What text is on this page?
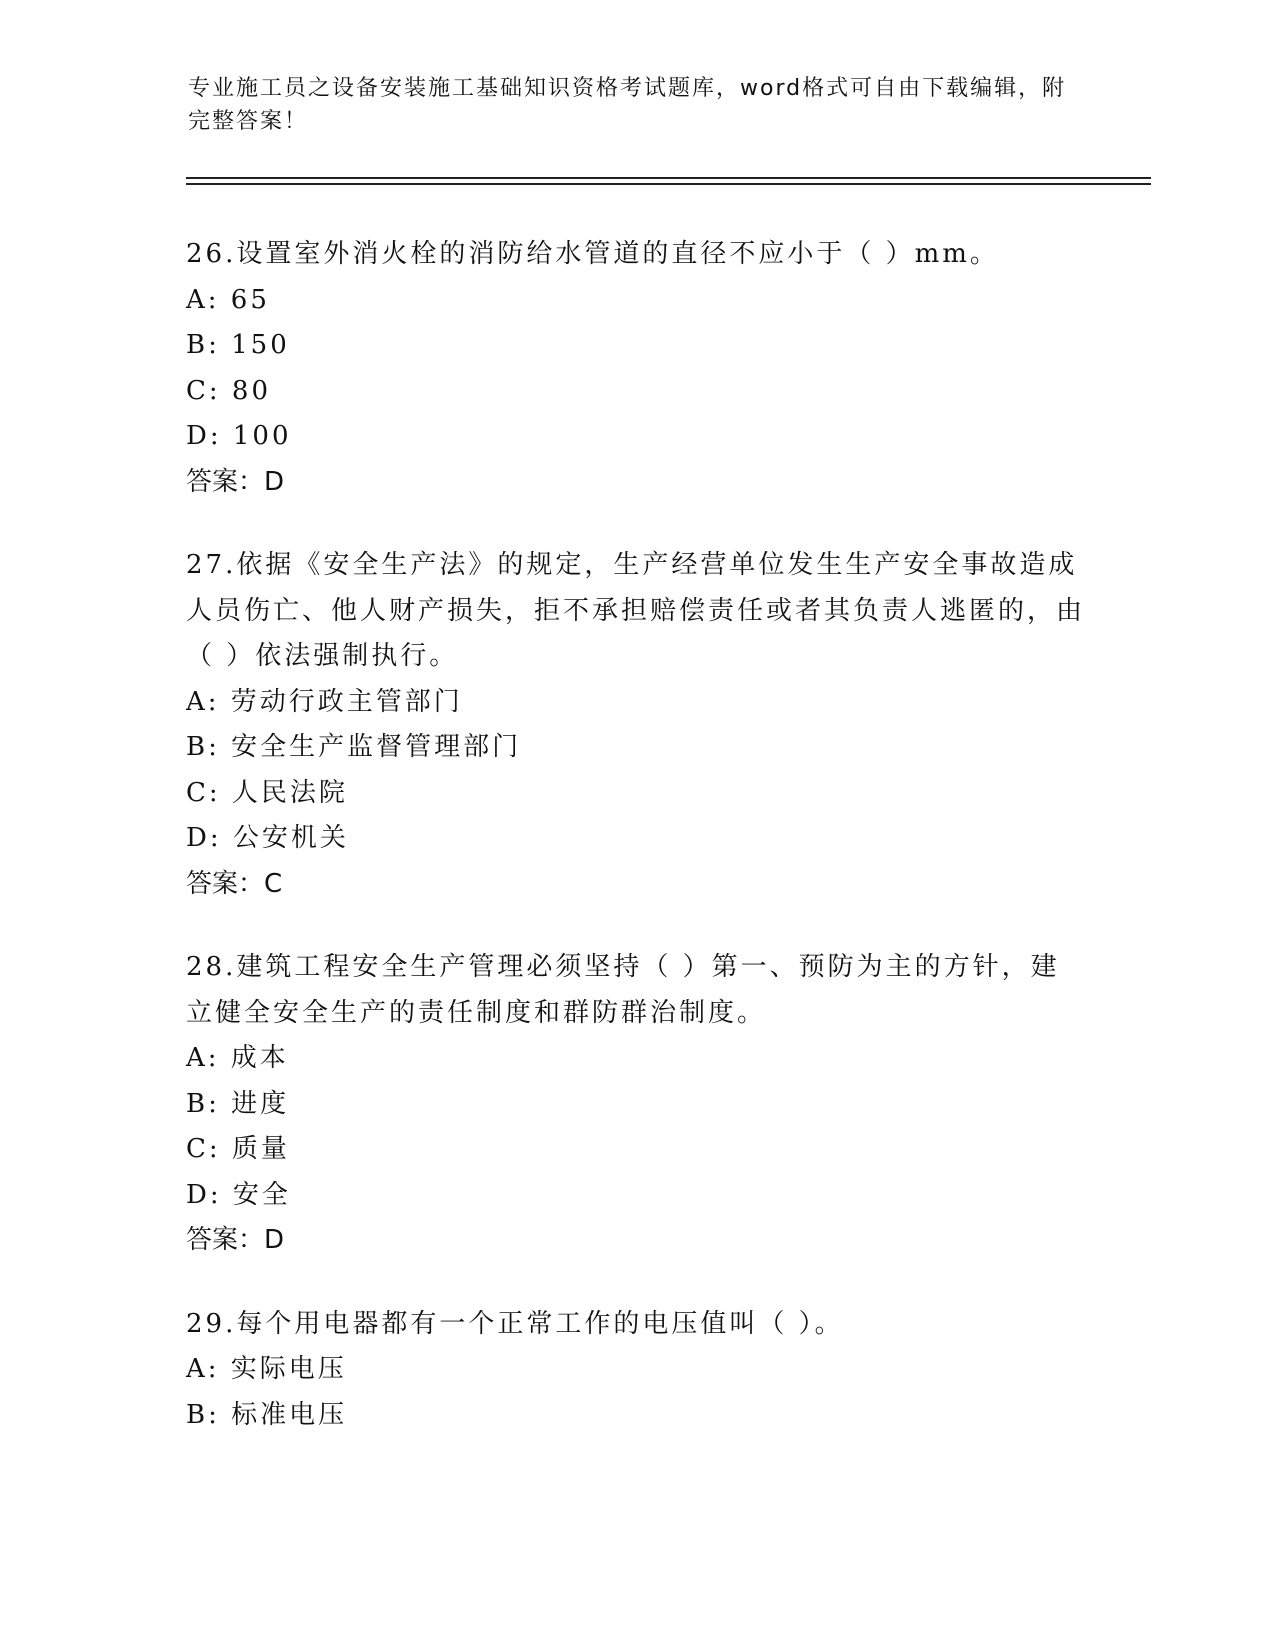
专业施工员之设备安装施工基础知识资格考试题库，word格式可自由下载编辑，附完整答案！

26.设置室外消火栓的消防给水管道的直径不应小于（ ）mm。

A: 65

B: 150

C: 80

D: 100

答案：D

27.依据《安全生产法》的规定，生产经营单位发生生产安全事故造成人员伤亡、他人财产损失，拒不承担赔偿责任或者其负责人逃匿的，由（ ）依法强制执行。

A: 劳动行政主管部门

B: 安全生产监督管理部门

C: 人民法院

D: 公安机关

答案：C

28.建筑工程安全生产管理必须坚持（ ）第一、预防为主的方针，建立健全安全生产的责任制度和群防群治制度。

A: 成本

B: 进度

C: 质量

D: 安全

答案：D

29.每个用电器都有一个正常工作的电压值叫（ ）。

A: 实际电压

B: 标准电压
